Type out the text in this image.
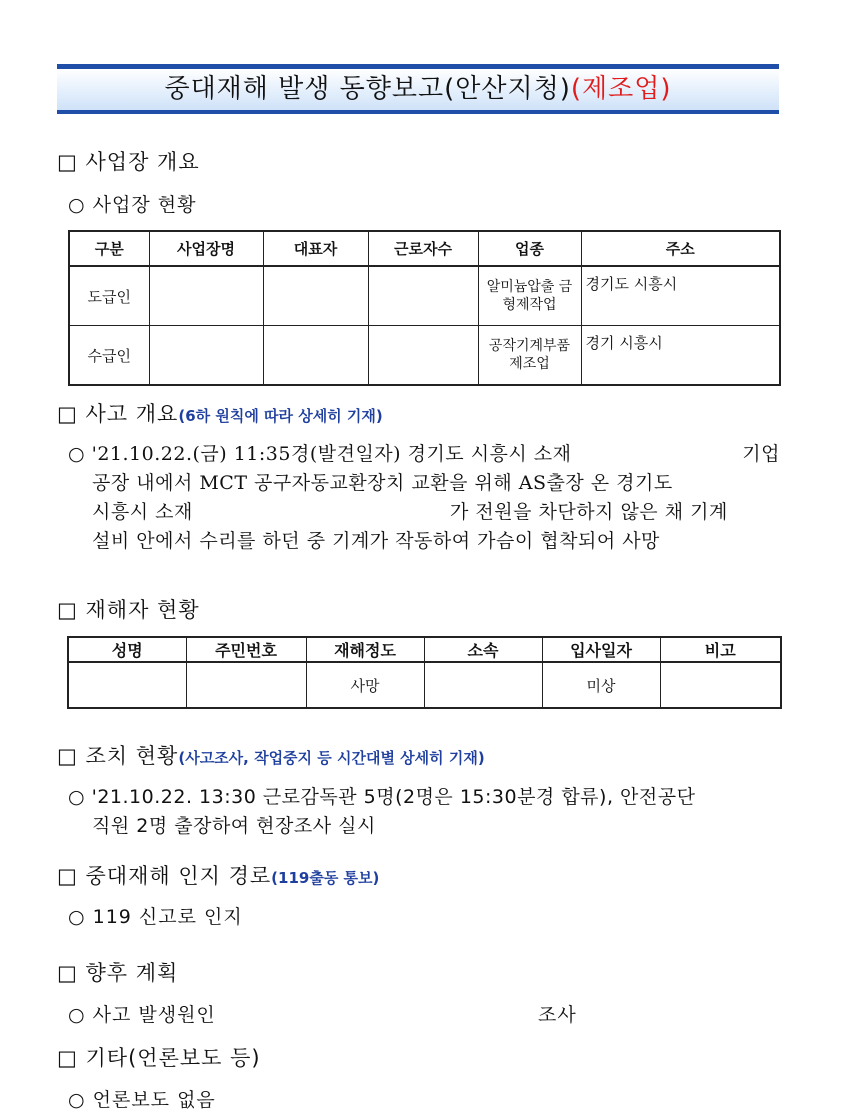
중대재해 발생 동향보고(안산지청)(제조업)
□ 사업장 개요
○ 사업장 현황
구분	사업장명	대표자	근로자수	업종	주소
도급인				알미늄압출 금형제작업	경기도 시흥시
수급인				공작기계부품 제조업	경기 시흥시
□ 사고 개요(6하 원칙에 따라 상세히 기재)
○ '21.10.22.(금) 11:35경(발견일자) 경기도 시흥시 소재	기업
공장 내에서 MCT 공구자동교환장치 교환을 위해 AS출장 온 경기도
시흥시 소재	가 전원을 차단하지 않은 채 기계
설비 안에서 수리를 하던 중 기계가 작동하여 가슴이 협착되어 사망
□ 재해자 현황
성명	주민번호	재해정도	소속	입사일자	비고
		사망		미상	
□ 조치 현황(사고조사, 작업중지 등 시간대별 상세히 기재)
○ '21.10.22. 13:30 근로감독관 5명(2명은 15:30분경 합류), 안전공단
직원 2명 출장하여 현장조사 실시
□ 중대재해 인지 경로(119출동 통보)
○ 119 신고로 인지
□ 향후 계획
○ 사고 발생원인	조사
□ 기타(언론보도 등)
○ 언론보도 없음
